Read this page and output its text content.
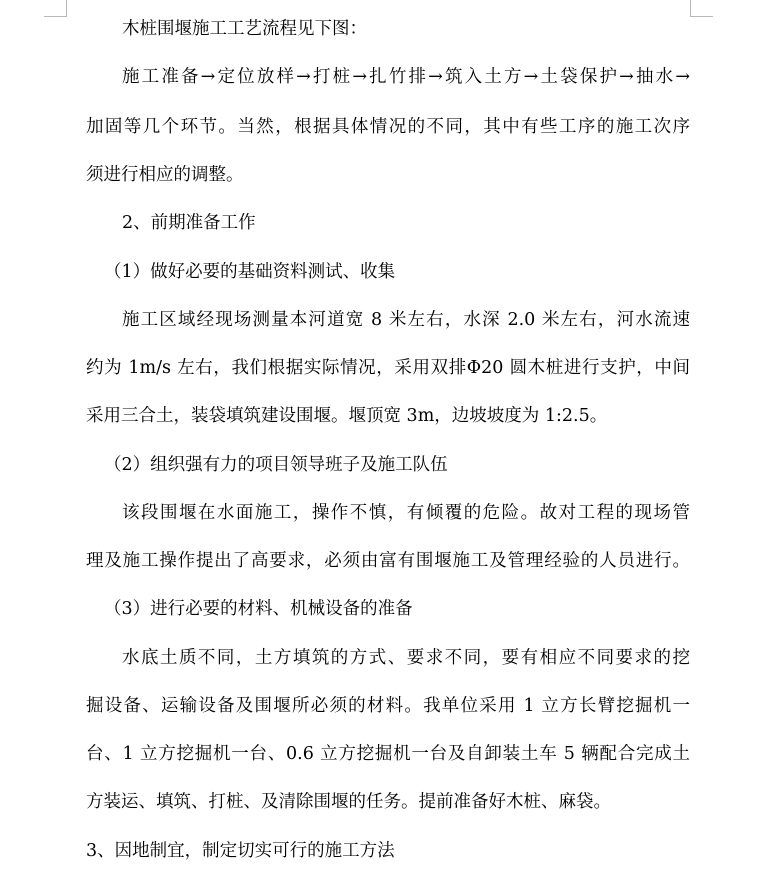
木桩围堰施工工艺流程见下图：
施工准备→定位放样→打桩→扎竹排→筑入土方→土袋保护→抽水→
加固等几个环节。当然，根据具体情况的不同，其中有些工序的施工次序
须进行相应的调整。
2、前期准备工作
（1）做好必要的基础资料测试、收集
施工区域经现场测量本河道宽 8 米左右，水深 2.0 米左右，河水流速
约为 1m/s 左右，我们根据实际情况，采用双排Φ20 圆木桩进行支护，中间
采用三合土，装袋填筑建设围堰。堰顶宽 3m，边坡坡度为 1:2.5。
（2）组织强有力的项目领导班子及施工队伍
该段围堰在水面施工，操作不慎，有倾覆的危险。故对工程的现场管
理及施工操作提出了高要求，必须由富有围堰施工及管理经验的人员进行。
（3）进行必要的材料、机械设备的准备
水底土质不同，土方填筑的方式、要求不同，要有相应不同要求的挖
掘设备、运输设备及围堰所必须的材料。我单位采用 1 立方长臂挖掘机一
台、1 立方挖掘机一台、0.6 立方挖掘机一台及自卸装土车 5 辆配合完成土
方装运、填筑、打桩、及清除围堰的任务。提前准备好木桩、麻袋。
3、因地制宜，制定切实可行的施工方法
